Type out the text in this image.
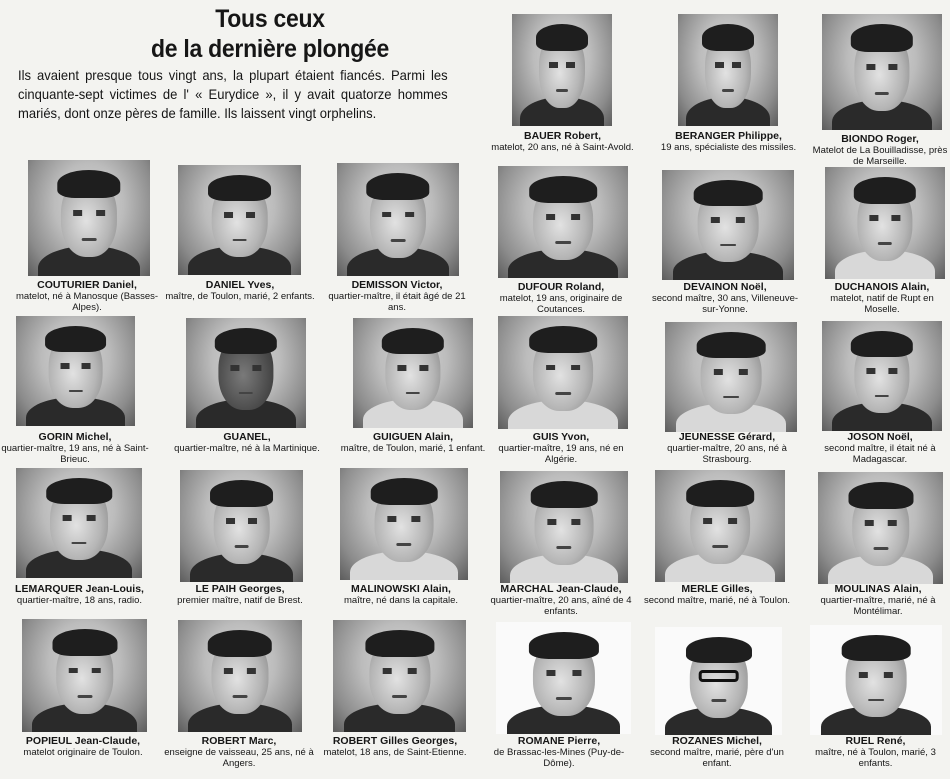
Tous ceux
de la dernière plongée
Ils avaient presque tous vingt ans, la plupart étaient fiancés. Parmi les cinquante-sept victimes de l' « Eurydice », il y avait quatorze hommes mariés, dont onze pères de famille. Ils laissent vingt orphelins.
BAUER Robert,
matelot, 20 ans, né à Saint-Avold.
BERANGER Philippe,
19 ans, spécialiste des missiles.
BIONDO Roger,
Matelot de La Bouilladisse, près de Marseille.
COUTURIER Daniel,
matelot, né à Manosque (Basses-Alpes).
DANIEL Yves,
maître, de Toulon, marié, 2 enfants.
DEMISSON Victor,
quartier-maître, il était âgé de 21 ans.
DUFOUR Roland,
matelot, 19 ans, originaire de Coutances.
DEVAINON Noël,
second maître, 30 ans, Villeneuve-sur-Yonne.
DUCHANOIS Alain,
matelot, natif de Rupt en Moselle.
GORIN Michel,
quartier-maître, 19 ans, né à Saint-Brieuc.
GUANEL,
quartier-maître, né à la Martinique.
GUIGUEN Alain,
maître, de Toulon, marié, 1 enfant.
GUIS Yvon,
quartier-maître, 19 ans, né en Algérie.
JEUNESSE Gérard,
quartier-maître, 20 ans, né à Strasbourg.
JOSON Noël,
second maître, il était né à Madagascar.
LEMARQUER Jean-Louis,
quartier-maître, 18 ans, radio.
LE PAIH Georges,
premier maître, natif de Brest.
MALINOWSKI Alain,
maître, né dans la capitale.
MARCHAL Jean-Claude,
quartier-maître, 20 ans, aîné de 4 enfants.
MERLE Gilles,
second maître, marié, né à Toulon.
MOULINAS Alain,
quartier-maître, marié, né à Montélimar.
POPIEUL Jean-Claude,
matelot originaire de Toulon.
ROBERT Marc,
enseigne de vaisseau, 25 ans, né à Angers.
ROBERT Gilles Georges,
matelot, 18 ans, de Saint-Etienne.
ROMANE Pierre,
de Brassac-les-Mines (Puy-de-Dôme).
ROZANES Michel,
second maître, marié, père d'un enfant.
RUEL René,
maître, né à Toulon, marié, 3 enfants.
